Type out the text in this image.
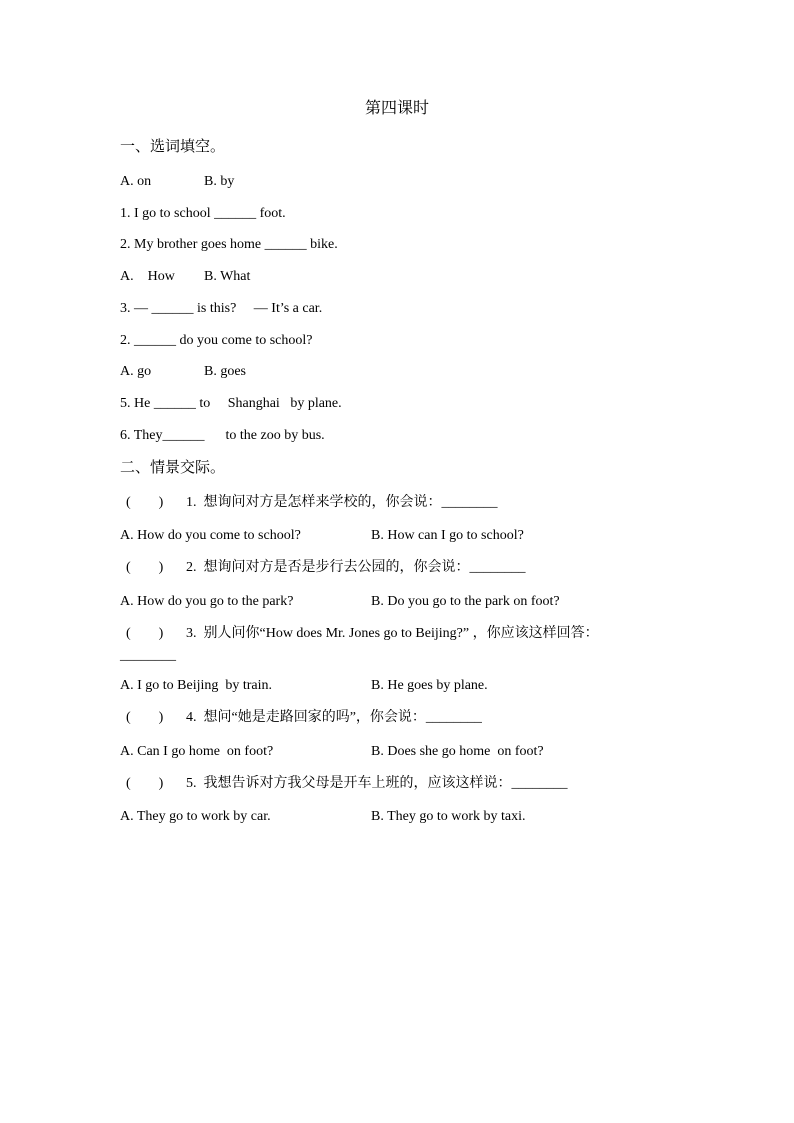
第四课时
一、选词填空。
A. on	B. by
1. I go to school ______ foot.
2. My brother goes home ______ bike.
A.    How B. What
3. — ______ is this?     — It’s a car.
2. ______ do you come to school?
A. go	B. goes
5. He ______ to     Shanghai   by plane.
6. They______      to the zoo by bus.
二、情景交际。
(        ) 1.  想询问对方是怎样来学校的，你会说：________
A. How do you come to school?	B. How can I go to school?
(        ) 2.  想询问对方是否是步行去公园的，你会说：________
A. How do you go to the park?	B. Do you go to the park on foot?
(        ) 3.  别人问你“How does Mr. Jones go to Beijing?” ，你应该这样回答：
________
A. I go to Beijing  by train.	B. He goes by plane.
(        ) 4.  想问“她是走路回家的吗”，你会说：________
A. Can I go home  on foot?	B. Does she go home  on foot?
(        ) 5.  我想告诉对方我父母是开车上班的，应该这样说：________
A. They go to work by car.	B. They go to work by taxi.
